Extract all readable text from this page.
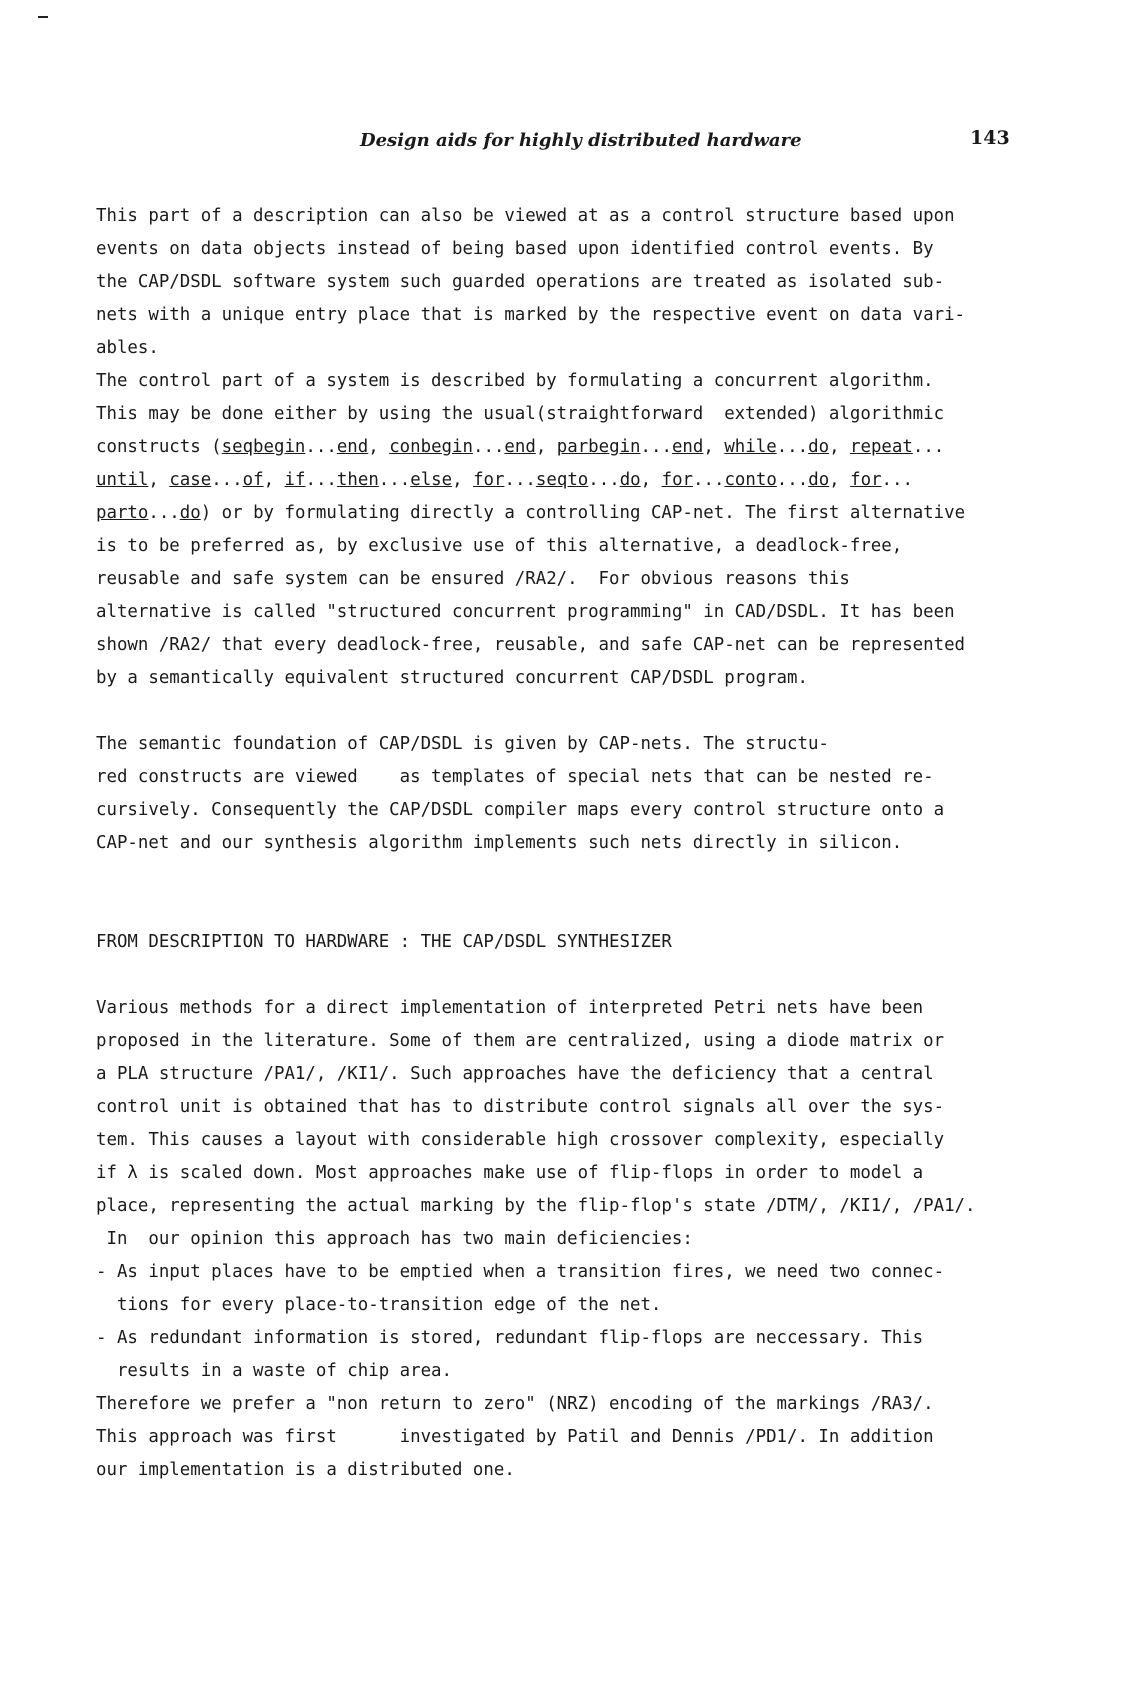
Design aids for highly distributed hardware	143
This part of a description can also be viewed at as a control structure based upon
events on data objects instead of being based upon identified control events. By
the CAP/DSDL software system such guarded operations are treated as isolated sub-
nets with a unique entry place that is marked by the respective event on data vari-
ables.
The control part of a system is described by formulating a concurrent algorithm.
This may be done either by using the usual(straightforward  extended) algorithmic
constructs (seqbegin...end, conbegin...end, parbegin...end, while...do, repeat...
until, case...of, if...then...else, for...seqto...do, for...conto...do, for...
parto...do) or by formulating directly a controlling CAP-net. The first alternative
is to be preferred as, by exclusive use of this alternative, a deadlock-free,
reusable and safe system can be ensured /RA2/.  For obvious reasons this
alternative is called "structured concurrent programming" in CAD/DSDL. It has been
shown /RA2/ that every deadlock-free, reusable, and safe CAP-net can be represented
by a semantically equivalent structured concurrent CAP/DSDL program.
The semantic foundation of CAP/DSDL is given by CAP-nets. The structu-
red constructs are viewed    as templates of special nets that can be nested re-
cursively. Consequently the CAP/DSDL compiler maps every control structure onto a
CAP-net and our synthesis algorithm implements such nets directly in silicon.
FROM DESCRIPTION TO HARDWARE : THE CAP/DSDL SYNTHESIZER
Various methods for a direct implementation of interpreted Petri nets have been
proposed in the literature. Some of them are centralized, using a diode matrix or
a PLA structure /PA1/, /KI1/. Such approaches have the deficiency that a central
control unit is obtained that has to distribute control signals all over the sys-
tem. This causes a layout with considerable high crossover complexity, especially
if λ is scaled down. Most approaches make use of flip-flops in order to model a
place, representing the actual marking by the flip-flop's state /DTM/, /KI1/, /PA1/.
In  our opinion this approach has two main deficiencies:
- As input places have to be emptied when a transition fires, we need two connec-
tions for every place-to-transition edge of the net.
- As redundant information is stored, redundant flip-flops are neccessary. This
results in a waste of chip area.
Therefore we prefer a "non return to zero" (NRZ) encoding of the markings /RA3/.
This approach was first      investigated by Patil and Dennis /PD1/. In addition
our implementation is a distributed one.
